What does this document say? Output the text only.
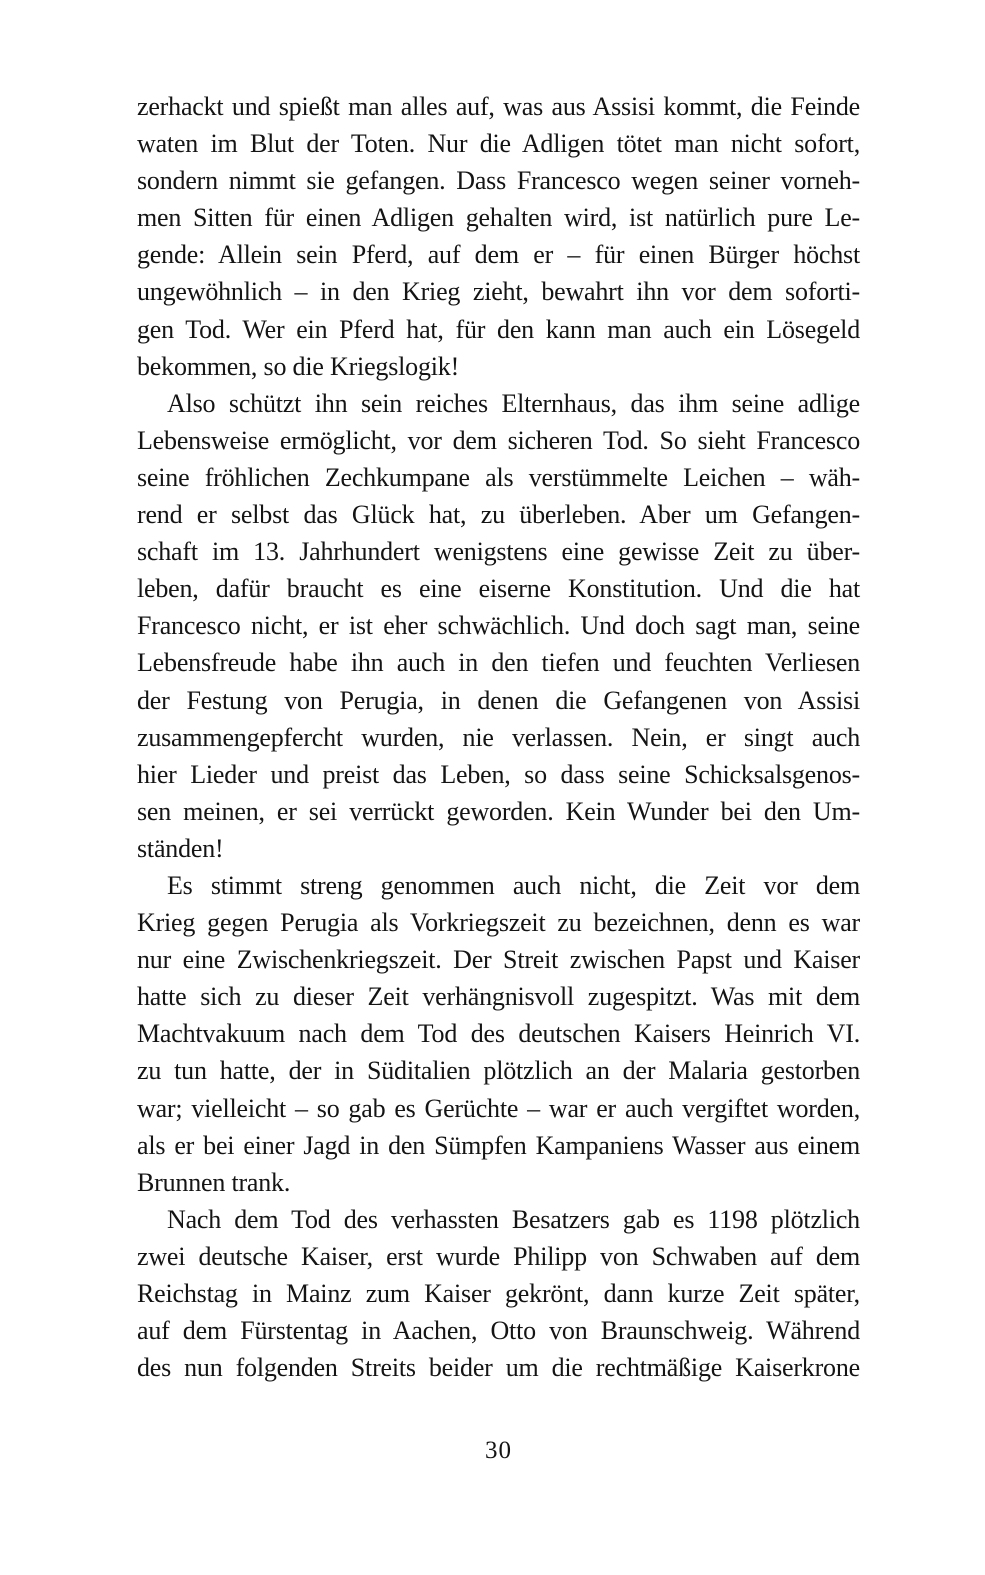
zerhackt und spießt man alles auf, was aus Assisi kommt, die Feinde
waten im Blut der Toten. Nur die Adligen tötet man nicht sofort,
sondern nimmt sie gefangen. Dass Francesco wegen seiner vorneh-
men Sitten für einen Adligen gehalten wird, ist natürlich pure Le-
gende: Allein sein Pferd, auf dem er – für einen Bürger höchst
ungewöhnlich – in den Krieg zieht, bewahrt ihn vor dem soforti-
gen Tod. Wer ein Pferd hat, für den kann man auch ein Lösegeld
bekommen, so die Kriegslogik!
Also schützt ihn sein reiches Elternhaus, das ihm seine adlige
Lebensweise ermöglicht, vor dem sicheren Tod. So sieht Francesco
seine fröhlichen Zechkumpane als verstümmelte Leichen – wäh-
rend er selbst das Glück hat, zu überleben. Aber um Gefangen-
schaft im 13. Jahrhundert wenigstens eine gewisse Zeit zu über-
leben, dafür braucht es eine eiserne Konstitution. Und die hat
Francesco nicht, er ist eher schwächlich. Und doch sagt man, seine
Lebensfreude habe ihn auch in den tiefen und feuchten Verliesen
der Festung von Perugia, in denen die Gefangenen von Assisi
zusammengepfercht wurden, nie verlassen. Nein, er singt auch
hier Lieder und preist das Leben, so dass seine Schicksalsgenos-
sen meinen, er sei verrückt geworden. Kein Wunder bei den Um-
ständen!
Es stimmt streng genommen auch nicht, die Zeit vor dem
Krieg gegen Perugia als Vorkriegszeit zu bezeichnen, denn es war
nur eine Zwischenkriegszeit. Der Streit zwischen Papst und Kaiser
hatte sich zu dieser Zeit verhängnisvoll zugespitzt. Was mit dem
Machtvakuum nach dem Tod des deutschen Kaisers Heinrich VI.
zu tun hatte, der in Süditalien plötzlich an der Malaria gestorben
war; vielleicht – so gab es Gerüchte – war er auch vergiftet worden,
als er bei einer Jagd in den Sümpfen Kampaniens Wasser aus einem
Brunnen trank.
Nach dem Tod des verhassten Besatzers gab es 1198 plötzlich
zwei deutsche Kaiser, erst wurde Philipp von Schwaben auf dem
Reichstag in Mainz zum Kaiser gekrönt, dann kurze Zeit später,
auf dem Fürstentag in Aachen, Otto von Braunschweig. Während
des nun folgenden Streits beider um die rechtmäßige Kaiserkrone
30
